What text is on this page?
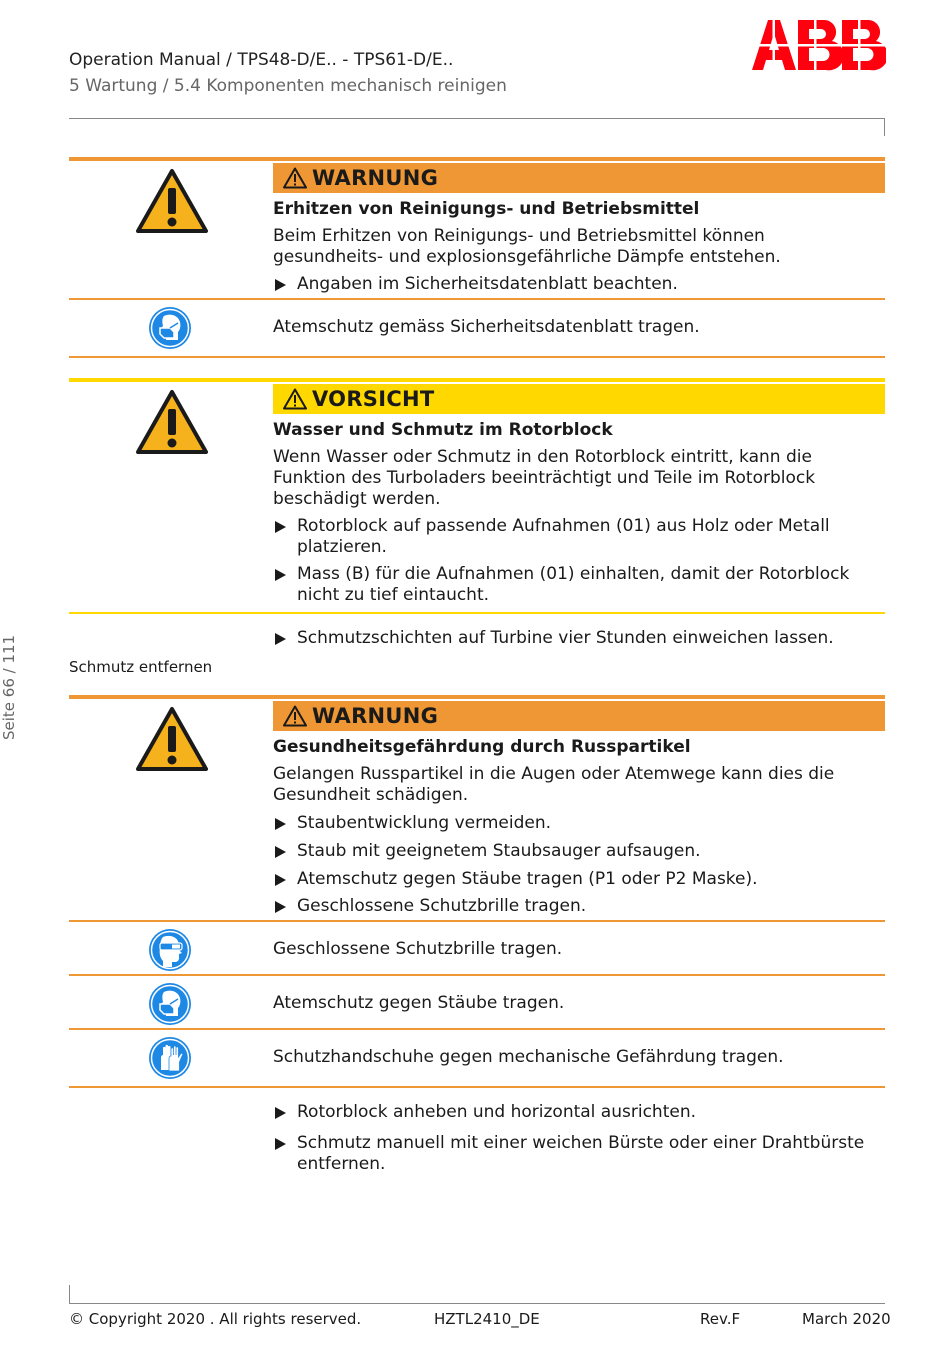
Operation Manual / TPS48-D/E.. - TPS61-D/E..
5 Wartung / 5.4 Komponenten mechanisch reinigen
Seite 66 / 111
WARNUNG
Erhitzen von Reinigungs- und Betriebsmittel
Beim Erhitzen von Reinigungs- und Betriebsmittel können gesundheits- und explosionsgefährliche Dämpfe entstehen.
Angaben im Sicherheitsdatenblatt beachten.
Atemschutz gemäss Sicherheitsdatenblatt tragen.
VORSICHT
Wasser und Schmutz im Rotorblock
Wenn Wasser oder Schmutz in den Rotorblock eintritt, kann die Funktion des Turboladers beeinträchtigt und Teile im Rotorblock beschädigt werden.
Rotorblock auf passende Aufnahmen (01) aus Holz oder Metall platzieren.
Mass (B) für die Aufnahmen (01) einhalten, damit der Rotorblock nicht zu tief eintaucht.
Schmutzschichten auf Turbine vier Stunden einweichen lassen.
Schmutz entfernen
WARNUNG
Gesundheitsgefährdung durch Russpartikel
Gelangen Russpartikel in die Augen oder Atemwege kann dies die Gesundheit schädigen.
Staubentwicklung vermeiden.
Staub mit geeignetem Staubsauger aufsaugen.
Atemschutz gegen Stäube tragen (P1 oder P2 Maske).
Geschlossene Schutzbrille tragen.
Geschlossene Schutzbrille tragen.
Atemschutz gegen Stäube tragen.
Schutzhandschuhe gegen mechanische Gefährdung tragen.
Rotorblock anheben und horizontal ausrichten.
Schmutz manuell mit einer weichen Bürste oder einer Drahtbürste entfernen.
© Copyright 2020 . All rights reserved.	HZTL2410_DE	Rev.F	March 2020
